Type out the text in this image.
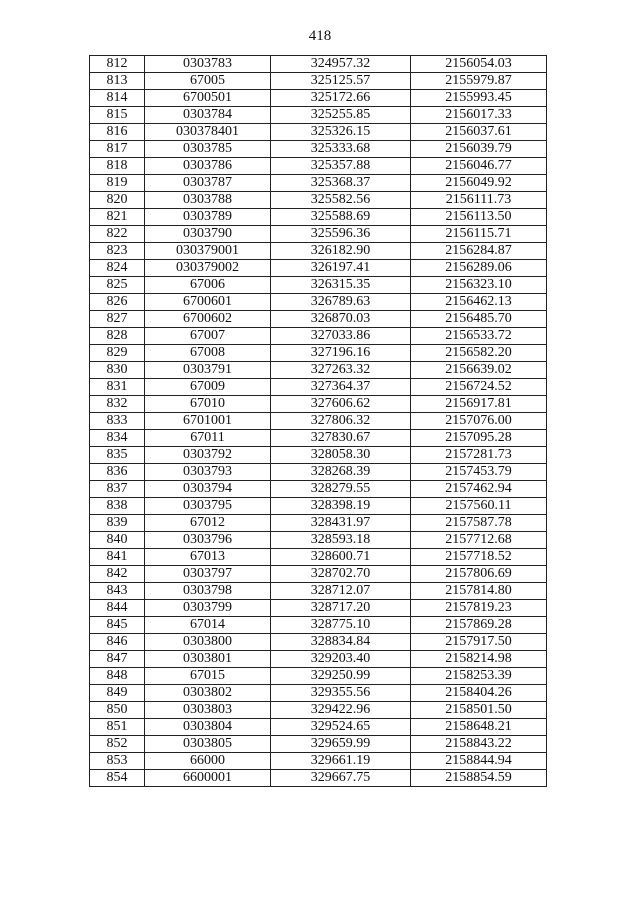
418
812	0303783	324957.32	2156054.03
813	67005	325125.57	2155979.87
814	6700501	325172.66	2155993.45
815	0303784	325255.85	2156017.33
816	030378401	325326.15	2156037.61
817	0303785	325333.68	2156039.79
818	0303786	325357.88	2156046.77
819	0303787	325368.37	2156049.92
820	0303788	325582.56	2156111.73
821	0303789	325588.69	2156113.50
822	0303790	325596.36	2156115.71
823	030379001	326182.90	2156284.87
824	030379002	326197.41	2156289.06
825	67006	326315.35	2156323.10
826	6700601	326789.63	2156462.13
827	6700602	326870.03	2156485.70
828	67007	327033.86	2156533.72
829	67008	327196.16	2156582.20
830	0303791	327263.32	2156639.02
831	67009	327364.37	2156724.52
832	67010	327606.62	2156917.81
833	6701001	327806.32	2157076.00
834	67011	327830.67	2157095.28
835	0303792	328058.30	2157281.73
836	0303793	328268.39	2157453.79
837	0303794	328279.55	2157462.94
838	0303795	328398.19	2157560.11
839	67012	328431.97	2157587.78
840	0303796	328593.18	2157712.68
841	67013	328600.71	2157718.52
842	0303797	328702.70	2157806.69
843	0303798	328712.07	2157814.80
844	0303799	328717.20	2157819.23
845	67014	328775.10	2157869.28
846	0303800	328834.84	2157917.50
847	0303801	329203.40	2158214.98
848	67015	329250.99	2158253.39
849	0303802	329355.56	2158404.26
850	0303803	329422.96	2158501.50
851	0303804	329524.65	2158648.21
852	0303805	329659.99	2158843.22
853	66000	329661.19	2158844.94
854	6600001	329667.75	2158854.59
